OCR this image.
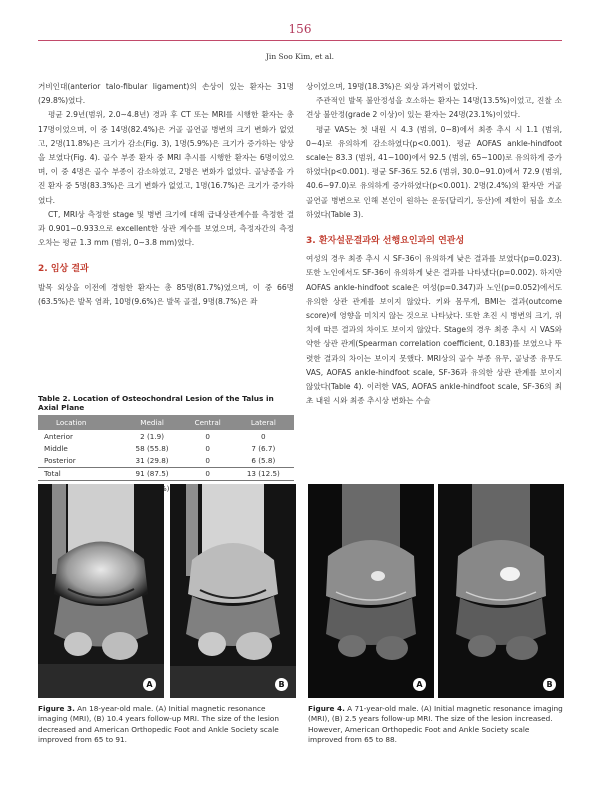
156
Jin Soo Kim, et al.

거비인대(anterior talo-fibular ligament)의 손상이 있는 환자는 31명(29.8%)였다.

평균 2.9년(범위, 2.0~4.8년) 경과 후 CT 또는 MRI를 시행한 환자는 총 17명이었으며, 이 중 14명(82.4%)은 거골 골연골 병변의 크기 변화가 없었고, 2명(11.8%)은 크기가 감소(Fig. 3), 1명(5.9%)은 크기가 증가하는 양상을 보였다(Fig. 4). 골수 부종 환자 중 MRI 추시를 시행한 환자는 6명이었으며, 이 중 4명은 골수 부종이 감소하였고, 2명은 변화가 없었다. 골낭종을 가진 환자 중 5명(83.3%)은 크기 변화가 없었고, 1명(16.7%)은 크기가 증가하였다.

CT, MRI상 측정한 stage 및 병변 크기에 대해 급내상관계수를 측정한 결과 0.901~0.933으로 excellent한 상관 계수를 보였으며, 측정자간의 측정오차는 평균 1.3 mm (범위, 0~3.8 mm)였다.

2. 임상 결과

발목 외상을 이전에 경험한 환자는 총 85명(81.7%)였으며, 이 중 66명(63.5%)은 발목 염좌, 10명(9.6%)은 발목 골절, 9명(8.7%)은 좌

Table 2. Location of Osteochondral Lesion of the Talus in Axial Plane
Location	Medial	Central	Lateral
Anterior	2 (1.9)	0	0
Middle	58 (55.8)	0	7 (6.7)
Posterior	31 (29.8)	0	6 (5.8)
Total	91 (87.5)	0	13 (12.5)
(%).

상이었으며, 19명(18.3%)은 외상 과거력이 없었다.

주관적인 발목 불안정성을 호소하는 환자는 14명(13.5%)이었고, 진찰 소견상 불안정(grade 2 이상)이 있는 환자는 24명(23.1%)이었다.

평균 VAS는 첫 내원 시 4.3 (범위, 0~8)에서 최종 추시 시 1.1 (범위, 0~4)로 유의하게 감소하였다(p<0.001). 평균 AOFAS ankle-hindfoot scale는 83.3 (범위, 41~100)에서 92.5 (범위, 65~100)로 유의하게 증가하였다(p<0.001). 평균 SF-36도 52.6 (범위, 30.0~91.0)에서 72.9 (범위, 40.6~97.0)로 유의하게 증가하였다(p<0.001). 2명(2.4%)의 환자만 거골 골연골 병변으로 인해 본인이 원하는 운동(달리기, 등산)에 제한이 됨을 호소하였다(Table 3).

3. 환자설문결과와 선행요인과의 연관성

여성의 경우 최종 추시 시 SF-36이 유의하게 낮은 결과를 보였다(p=0.023). 또한 노인에서도 SF-36이 유의하게 낮은 결과를 나타냈다(p=0.002). 하지만 AOFAS ankle-hindfoot scale은 여성(p=0.347)과 노인(p=0.052)에서도 유의한 상관 관계를 보이지 않았다. 키와 몸무게, BMI는 결과(outcome score)에 영향을 미치지 않는 것으로 나타났다. 또한 초진 시 병변의 크기, 위치에 따른 결과의 차이도 보이지 않았다. Stage의 경우 최종 추시 시 VAS와 약한 상관 관계(Spearman correlation coefficient, 0.183)를 보였으나 뚜렷한 결과의 차이는 보이지 못했다. MRI상의 골수 부종 유무, 골낭종 유무도 VAS, AOFAS ankle-hindfoot scale, SF-36과 유의한 상관 관계를 보이지 않았다(Table 4). 이러한 VAS, AOFAS ankle-hindfoot scale, SF-36의 최초 내원 시와 최종 추시상 변화는 수술

A	B	A	B
Figure 3. An 18-year-old male. (A) Initial magnetic resonance imaging (MRI), (B) 10.4 years follow-up MRI. The size of the lesion decreased and American Orthopedic Foot and Ankle Society scale improved from 65 to 91.
Figure 4. A 71-year-old male. (A) Initial magnetic resonance imaging (MRI), (B) 2.5 years follow-up MRI. The size of the lesion increased. However, American Orthopedic Foot and Ankle Society scale improved from 65 to 88.
